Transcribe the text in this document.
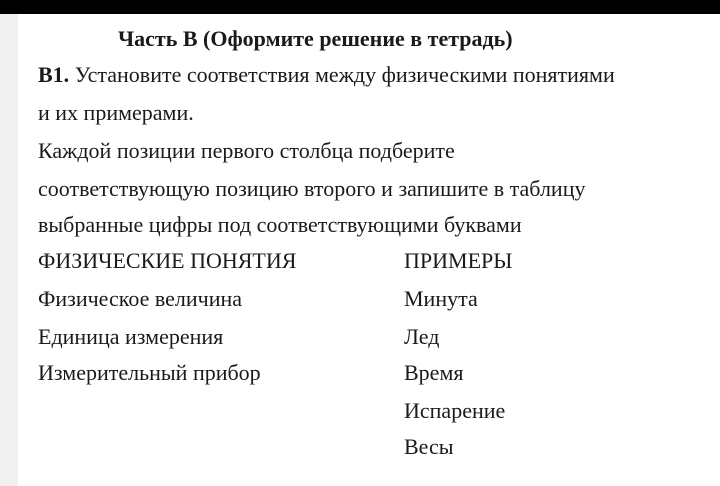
Часть В (Оформите решение в тетрадь)
В1. Установите соответствия между физическими понятиями
и их примерами.
Каждой позиции первого столбца подберите
соответствующую позицию второго и запишите в таблицу
выбранные цифры под соответствующими буквами
ФИЗИЧЕСКИЕ ПОНЯТИЯ	ПРИМЕРЫ
Физическое величина
Единица измерения
Измерительный прибор
Минута
Лед
Время
Испарение
Весы
